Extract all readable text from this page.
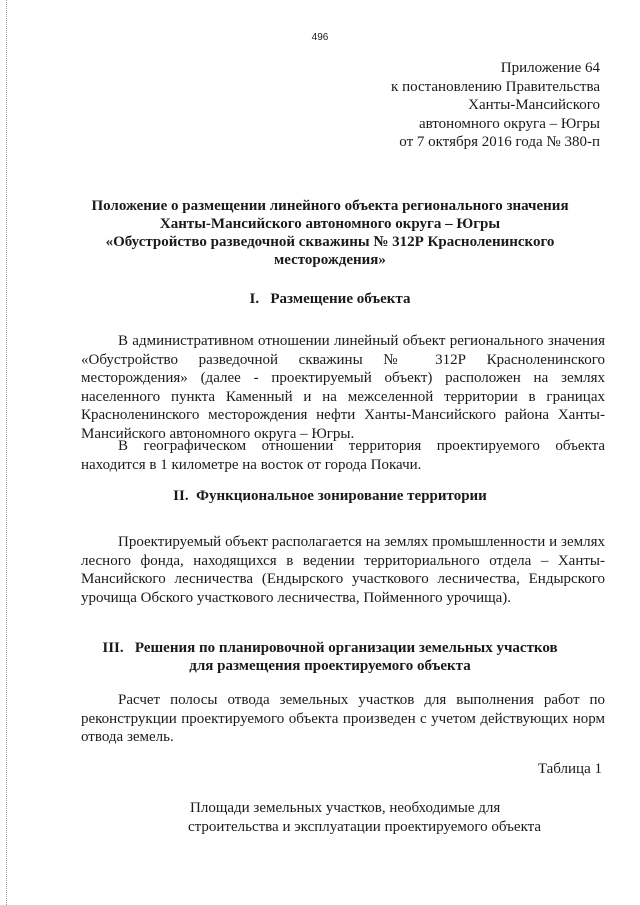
496
Приложение 64
к постановлению Правительства
Ханты-Мансийского
автономного округа – Югры
от 7 октября 2016 года № 380-п
Положение о размещении линейного объекта регионального значения
Ханты-Мансийского автономного округа – Югры
«Обустройство разведочной скважины № 312Р Красноленинского
месторождения»
I.   Размещение объекта

В административном отношении линейный объект регионального значения «Обустройство разведочной скважины № 312Р Красноленинского месторождения» (далее - проектируемый объект) расположен на землях населенного пункта Каменный и на межселенной территории в границах Красноленинского месторождения нефти Ханты-Мансийского района Ханты-Мансийского автономного округа – Югры.

В географическом отношении территория проектируемого объекта находится в 1 километре на восток от города Покачи.

II.  Функциональное зонирование территории

Проектируемый объект располагается на землях промышленности и землях лесного фонда, находящихся в ведении территориального отдела – Ханты-Мансийского лесничества (Ендырского участкового лесничества, Ендырского урочища Обского участкового лесничества, Пойменного урочища).

III.   Решения по планировочной организации земельных участков
для размещения проектируемого объекта

Расчет полосы отвода земельных участков для выполнения работ по реконструкции проектируемого объекта произведен с учетом действующих норм отвода земель.

Таблица 1
Площади земельных участков, необходимые для
строительства и эксплуатации проектируемого объекта
